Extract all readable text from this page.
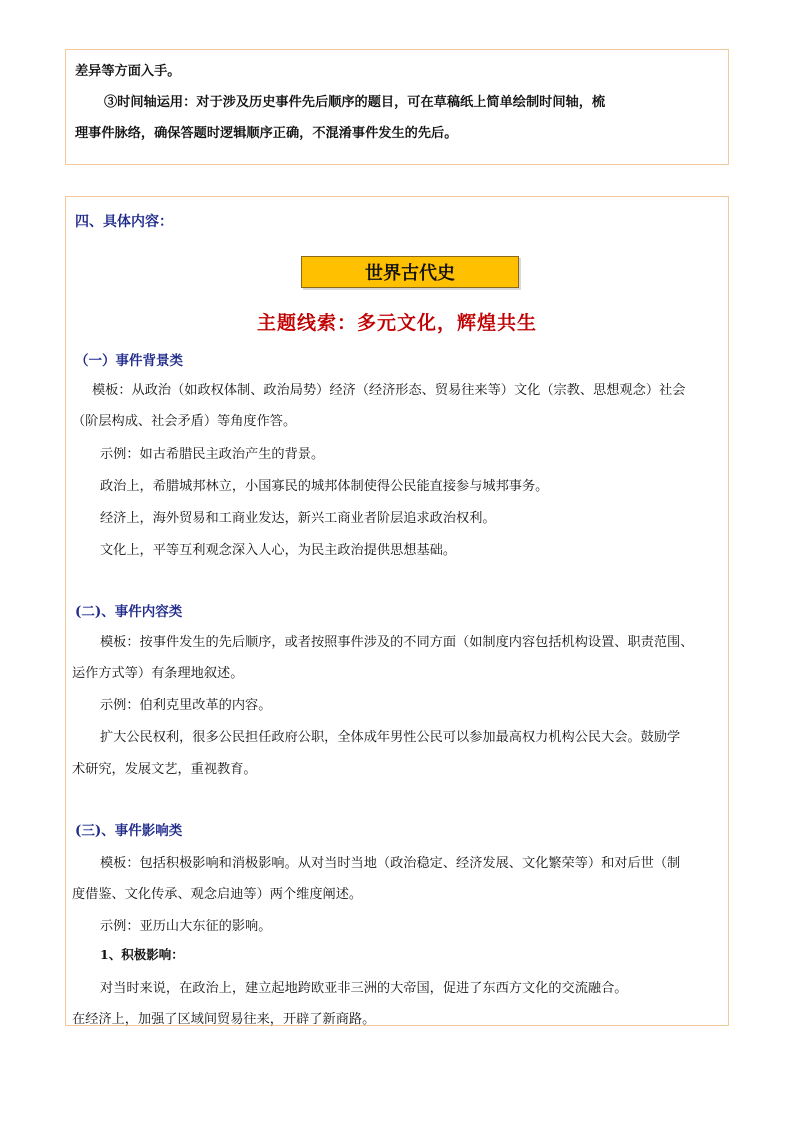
差异等方面入手。
③时间轴运用：对于涉及历史事件先后顺序的题目，可在草稿纸上简单绘制时间轴，梳
理事件脉络，确保答题时逻辑顺序正确，不混淆事件发生的先后。
四、具体内容：
世界古代史
主题线索：多元文化，辉煌共生
（一）事件背景类
模板：从政治（如政权体制、政治局势）经济（经济形态、贸易往来等）文化（宗教、思想观念）社会
（阶层构成、社会矛盾）等角度作答。
示例：如古希腊民主政治产生的背景。
政治上，希腊城邦林立，小国寡民的城邦体制使得公民能直接参与城邦事务。
经济上，海外贸易和工商业发达，新兴工商业者阶层追求政治权利。
文化上，平等互利观念深入人心，为民主政治提供思想基础。
(二)、事件内容类
模板：按事件发生的先后顺序，或者按照事件涉及的不同方面（如制度内容包括机构设置、职责范围、
运作方式等）有条理地叙述。
示例：伯利克里改革的内容。
扩大公民权利，很多公民担任政府公职，全体成年男性公民可以参加最高权力机构公民大会。鼓励学
术研究，发展文艺，重视教育。
(三)、事件影响类
模板：包括积极影响和消极影响。从对当时当地（政治稳定、经济发展、文化繁荣等）和对后世（制
度借鉴、文化传承、观念启迪等）两个维度阐述。
示例：亚历山大东征的影响。
1、积极影响：
对当时来说，在政治上，建立起地跨欧亚非三洲的大帝国，促进了东西方文化的交流融合。
在经济上，加强了区域间贸易往来，开辟了新商路。
